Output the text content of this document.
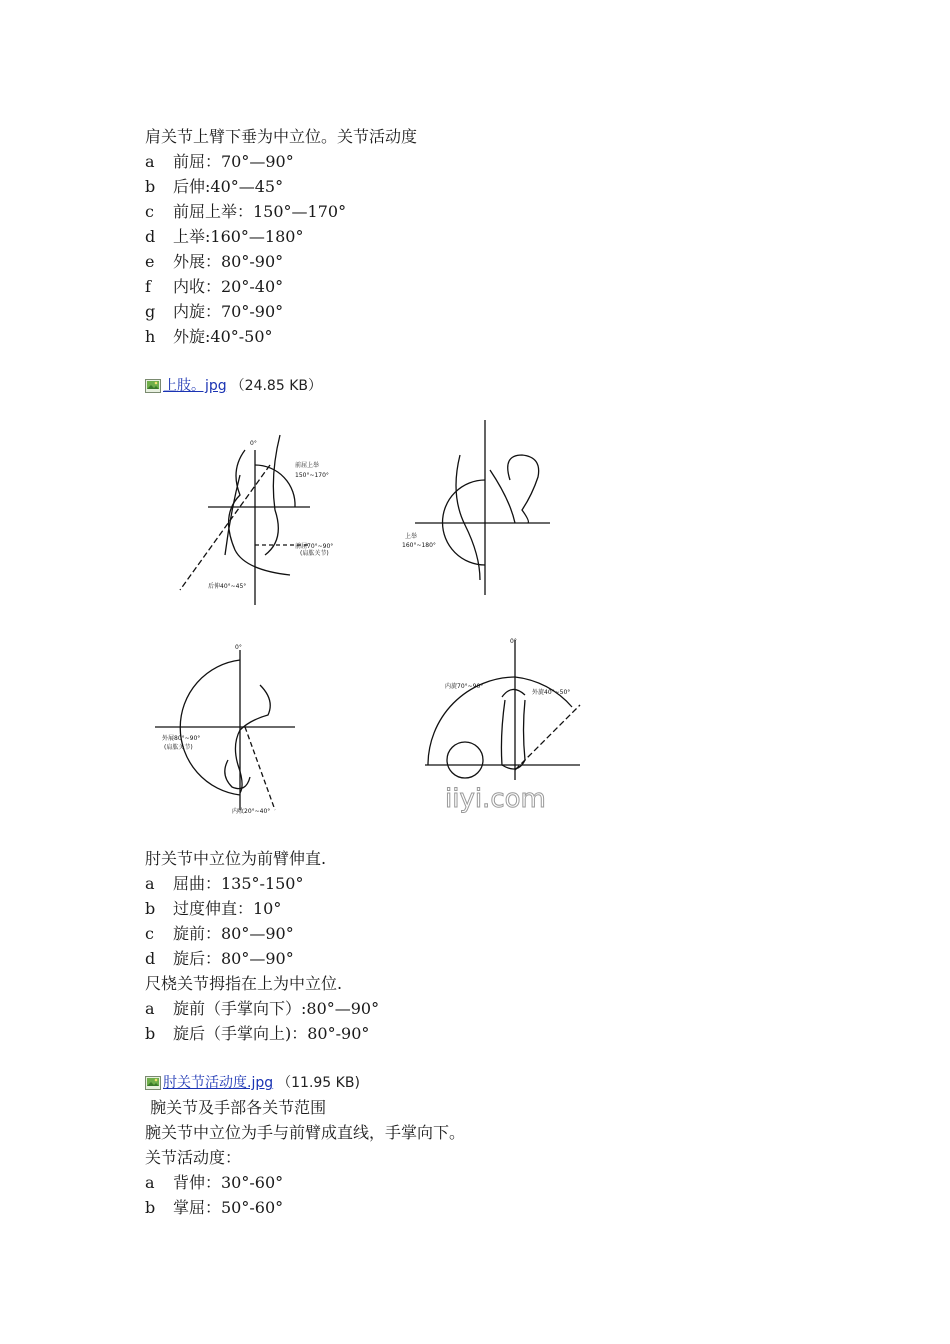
肩关节上臂下垂为中立位。关节活动度
a 前屈：70°—90°
b 后伸:40°—45°
c 前屈上举：150°—170°
d 上举:160°—180°
e 外展：80°-90°
f 内收：20°-40°
g 内旋：70°-90°
h 外旋:40°-50°
上肢。jpg （24.85 KB）
0°
前屈上举
150°~170°
前屈70°~90°
(肩肱关节)
后伸40°~45°
上举
160°~180°
0°
外展80°~90°
(肩肱关节)
内收20°~40°
0°
内旋70°~90°
外旋40°~50°
iiyi.com
肘关节中立位为前臂伸直.
a 屈曲：135°-150°
b 过度伸直：10°
c 旋前：80°—90°
d 旋后：80°—90°
尺桡关节拇指在上为中立位.
a 旋前（手掌向下）:80°—90°
b 旋后（手掌向上)：80°-90°
肘关节活动度.jpg （11.95 KB)
腕关节及手部各关节范围
腕关节中立位为手与前臂成直线，手掌向下。
关节活动度：
a 背伸：30°-60°
b 掌屈：50°-60°
